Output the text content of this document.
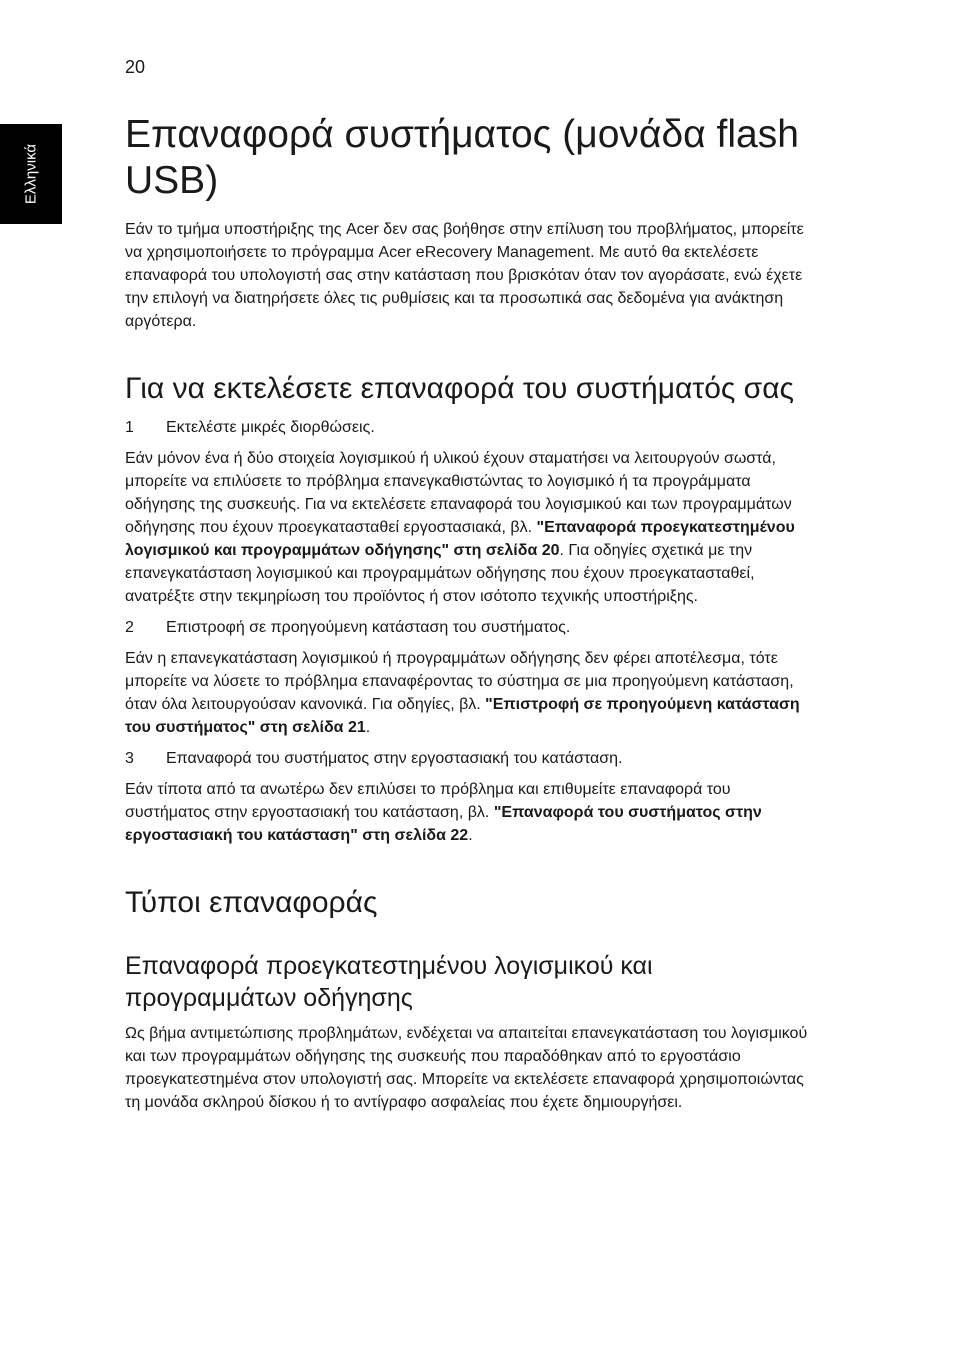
20
Ελληνικά
Επαναφορά συστήματος (μονάδα flash USB)

Εάν το τμήμα υποστήριξης της Acer δεν σας βοήθησε στην επίλυση του προβλήματος, μπορείτε να χρησιμοποιήσετε το πρόγραμμα Acer eRecovery Management. Με αυτό θα εκτελέσετε επαναφορά του υπολογιστή σας στην κατάσταση που βρισκόταν όταν τον αγοράσατε, ενώ έχετε την επιλογή να διατηρήσετε όλες τις ρυθμίσεις και τα προσωπικά σας δεδομένα για ανάκτηση αργότερα.

Για να εκτελέσετε επαναφορά του συστήματός σας
1	Εκτελέστε μικρές διορθώσεις.

Εάν μόνον ένα ή δύο στοιχεία λογισμικού ή υλικού έχουν σταματήσει να λειτουργούν σωστά, μπορείτε να επιλύσετε το πρόβλημα επανεγκαθιστώντας το λογισμικό ή τα προγράμματα οδήγησης της συσκευής. Για να εκτελέσετε επαναφορά του λογισμικού και των προγραμμάτων οδήγησης που έχουν προεγκατασταθεί εργοστασιακά, βλ. "Επαναφορά προεγκατεστημένου λογισμικού και προγραμμάτων οδήγησης" στη σελίδα 20. Για οδηγίες σχετικά με την επανεγκατάσταση λογισμικού και προγραμμάτων οδήγησης που έχουν προεγκατασταθεί, ανατρέξτε στην τεκμηρίωση του προϊόντος ή στον ισότοπο τεχνικής υποστήριξης.

2	Επιστροφή σε προηγούμενη κατάσταση του συστήματος.

Εάν η επανεγκατάσταση λογισμικού ή προγραμμάτων οδήγησης δεν φέρει αποτέλεσμα, τότε μπορείτε να λύσετε το πρόβλημα επαναφέροντας το σύστημα σε μια προηγούμενη κατάσταση, όταν όλα λειτουργούσαν κανονικά. Για οδηγίες, βλ. "Επιστροφή σε προηγούμενη κατάσταση του συστήματος" στη σελίδα 21.

3	Επαναφορά του συστήματος στην εργοστασιακή του κατάσταση.

Εάν τίποτα από τα ανωτέρω δεν επιλύσει το πρόβλημα και επιθυμείτε επαναφορά του συστήματος στην εργοστασιακή του κατάσταση, βλ. "Επαναφορά του συστήματος στην εργοστασιακή του κατάσταση" στη σελίδα 22.

Τύποι επαναφοράς
Επαναφορά προεγκατεστημένου λογισμικού και προγραμμάτων οδήγησης

Ως βήμα αντιμετώπισης προβλημάτων, ενδέχεται να απαιτείται επανεγκατάσταση του λογισμικού και των προγραμμάτων οδήγησης της συσκευής που παραδόθηκαν από το εργοστάσιο προεγκατεστημένα στον υπολογιστή σας. Μπορείτε να εκτελέσετε επαναφορά χρησιμοποιώντας τη μονάδα σκληρού δίσκου ή το αντίγραφο ασφαλείας που έχετε δημιουργήσει.
